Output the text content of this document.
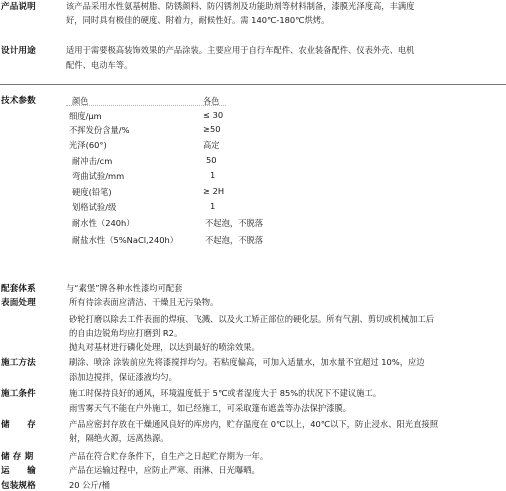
产品说明	该产品采用水性氨基树脂、防锈颜料、防闪锈剂及功能助剂等材料制备，漆膜光泽度高，丰满度
好，同时具有极佳的硬度、附着力，耐候性好。需 140℃-180℃烘烤。
设计用途	适用于需要极高装饰效果的产品涂装。主要应用于自行车配件、农业装备配件、仪表外壳、电机
配件、电动车等。
技术参数	颜色	各色
细度/μm	≤ 30
不挥发份含量/%	≥50
光泽(60°)	高定
耐冲击/cm	50
弯曲试验/mm	1
硬度(铅笔)	≥ 2H
划格试验/级	1
耐水性（240h）	不起泡，不脱落
耐盐水性（5%NaCl,240h）	不起泡，不脱落
配套体系	与“素堡”牌各种水性漆均可配套
表面处理	所有待涂表面应清洁、干燥且无污染物。
砂轮打磨以除去工件表面的焊痕、飞溅、以及火工矫正部位的硬化层。所有气割、剪切或机械加工后
的自由边锐角均应打磨到 R2。
抛丸对基材进行磷化处理，以达到最好的喷涂效果。
施工方法	刷涂、喷涂 涂装前应先将漆搅拌均匀。若粘度偏高，可加入适量水，加水量不宜超过 10%，应边
添加边搅拌，保证漆液均匀。
施工条件	施工时保持良好的通风，环境温度低于 5℃或者湿度大于 85%的状况下不建议施工。
雨雪雾天气不能在户外施工，如已经施工，可采取篷布遮盖等办法保护漆膜。
储　　存	产品应密封存放在干燥通风良好的库房内，贮存温度在 0℃以上，40℃以下，防止浸水、阳光直接照
射，隔绝火源，远离热源。
储 存 期	产品在符合贮存条件下，自生产之日起贮存期为一年。
运　　输	产品在运输过程中，应防止严寒、雨淋、日光曝晒。
包装规格	20 公斤/桶
